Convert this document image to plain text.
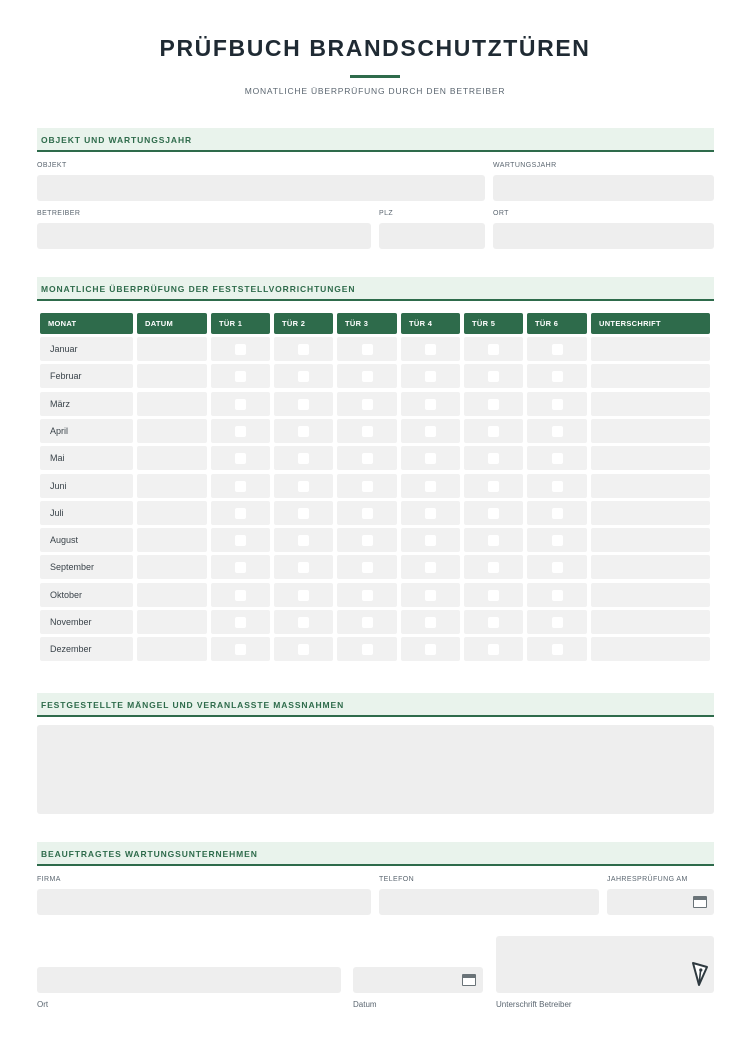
PRÜFBUCH BRANDSCHUTZTÜREN
MONATLICHE ÜBERPRÜFUNG DURCH DEN BETREIBER
OBJEKT UND WARTUNGSJAHR
OBJEKT	WARTUNGSJAHR
BETREIBER	PLZ	ORT
MONATLICHE ÜBERPRÜFUNG DER FESTSTELLVORRICHTUNGEN
MONAT	DATUM	TÜR 1	TÜR 2	TÜR 3	TÜR 4	TÜR 5	TÜR 6	UNTERSCHRIFT
Januar
Februar
März
April
Mai
Juni
Juli
August
September
Oktober
November
Dezember
FESTGESTELLTE MÄNGEL UND VERANLASSTE MASSNAHMEN
BEAUFTRAGTES WARTUNGSUNTERNEHMEN
FIRMA	TELEFON	JAHRESPRÜFUNG AM
Ort	Datum	Unterschrift Betreiber
